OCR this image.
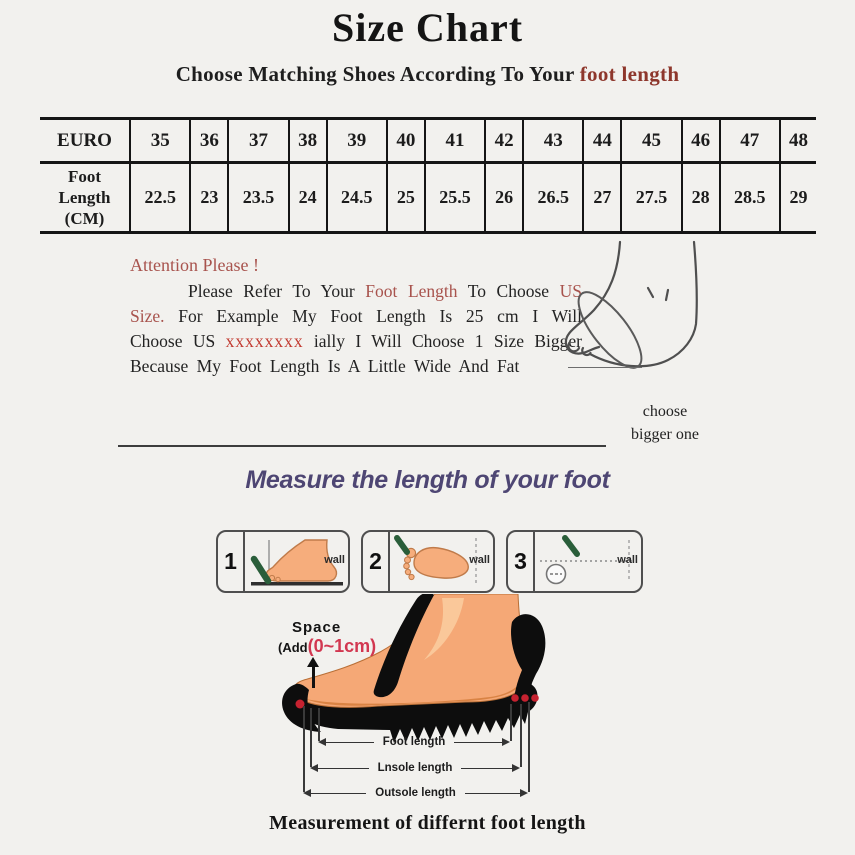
Size Chart
Choose Matching Shoes According To Your foot length
EURO	35	36	37	38	39	40	41	42	43	44	45	46	47	48
Foot Length (CM)	22.5	23	23.5	24	24.5	25	25.5	26	26.5	27	27.5	28	28.5	29
Attention Please !

Please Refer To Your Foot Length To Choose US Size. For Example My Foot Length Is 25 cm I Will Choose US xxxxxxxx ially I Will Choose 1 Size Bigger Because My Foot Length Is A Little Wide And Fat

choose
bigger one
Measure the length of your foot
1	wall 2	wall 3	wall
Space
(Add(0~1cm)
Foot length
Lnsole length
Outsole length
Measurement of differnt foot length
